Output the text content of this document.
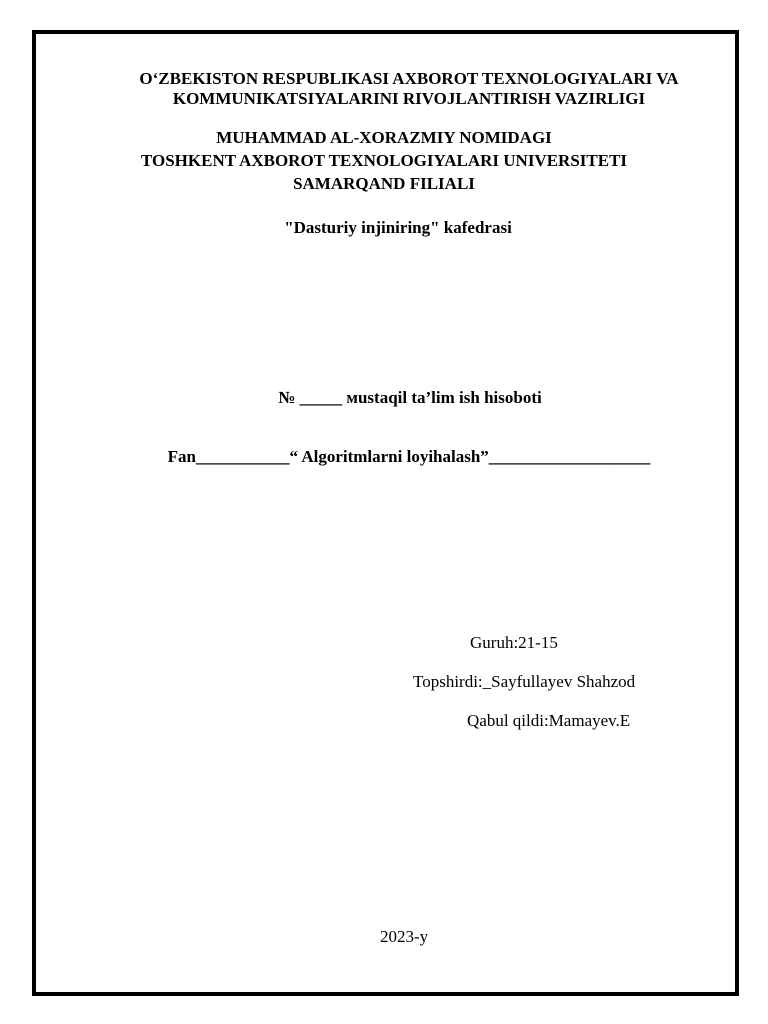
O‘ZBEKISTON RESPUBLIKASI AXBOROT TEXNOLOGIYALARI VA
KOMMUNIKATSIYALARINI RIVOJLANTIRISH VAZIRLIGI
MUHAMMAD AL-XORAZMIY NOMIDAGI
TOSHKENT AXBOROT TEXNOLOGIYALARI UNIVERSITETI
SAMARQAND FILIALI
"Dasturiy injiniring" kafedrasi
№ _____ мustaqil ta’lim ish hisoboti
Fan___________“ Algoritmlarni loyihalash”___________________
Guruh:21-15
Topshirdi:_Sayfullayev Shahzod
Qabul qildi:Mamayev.E
2023-y
